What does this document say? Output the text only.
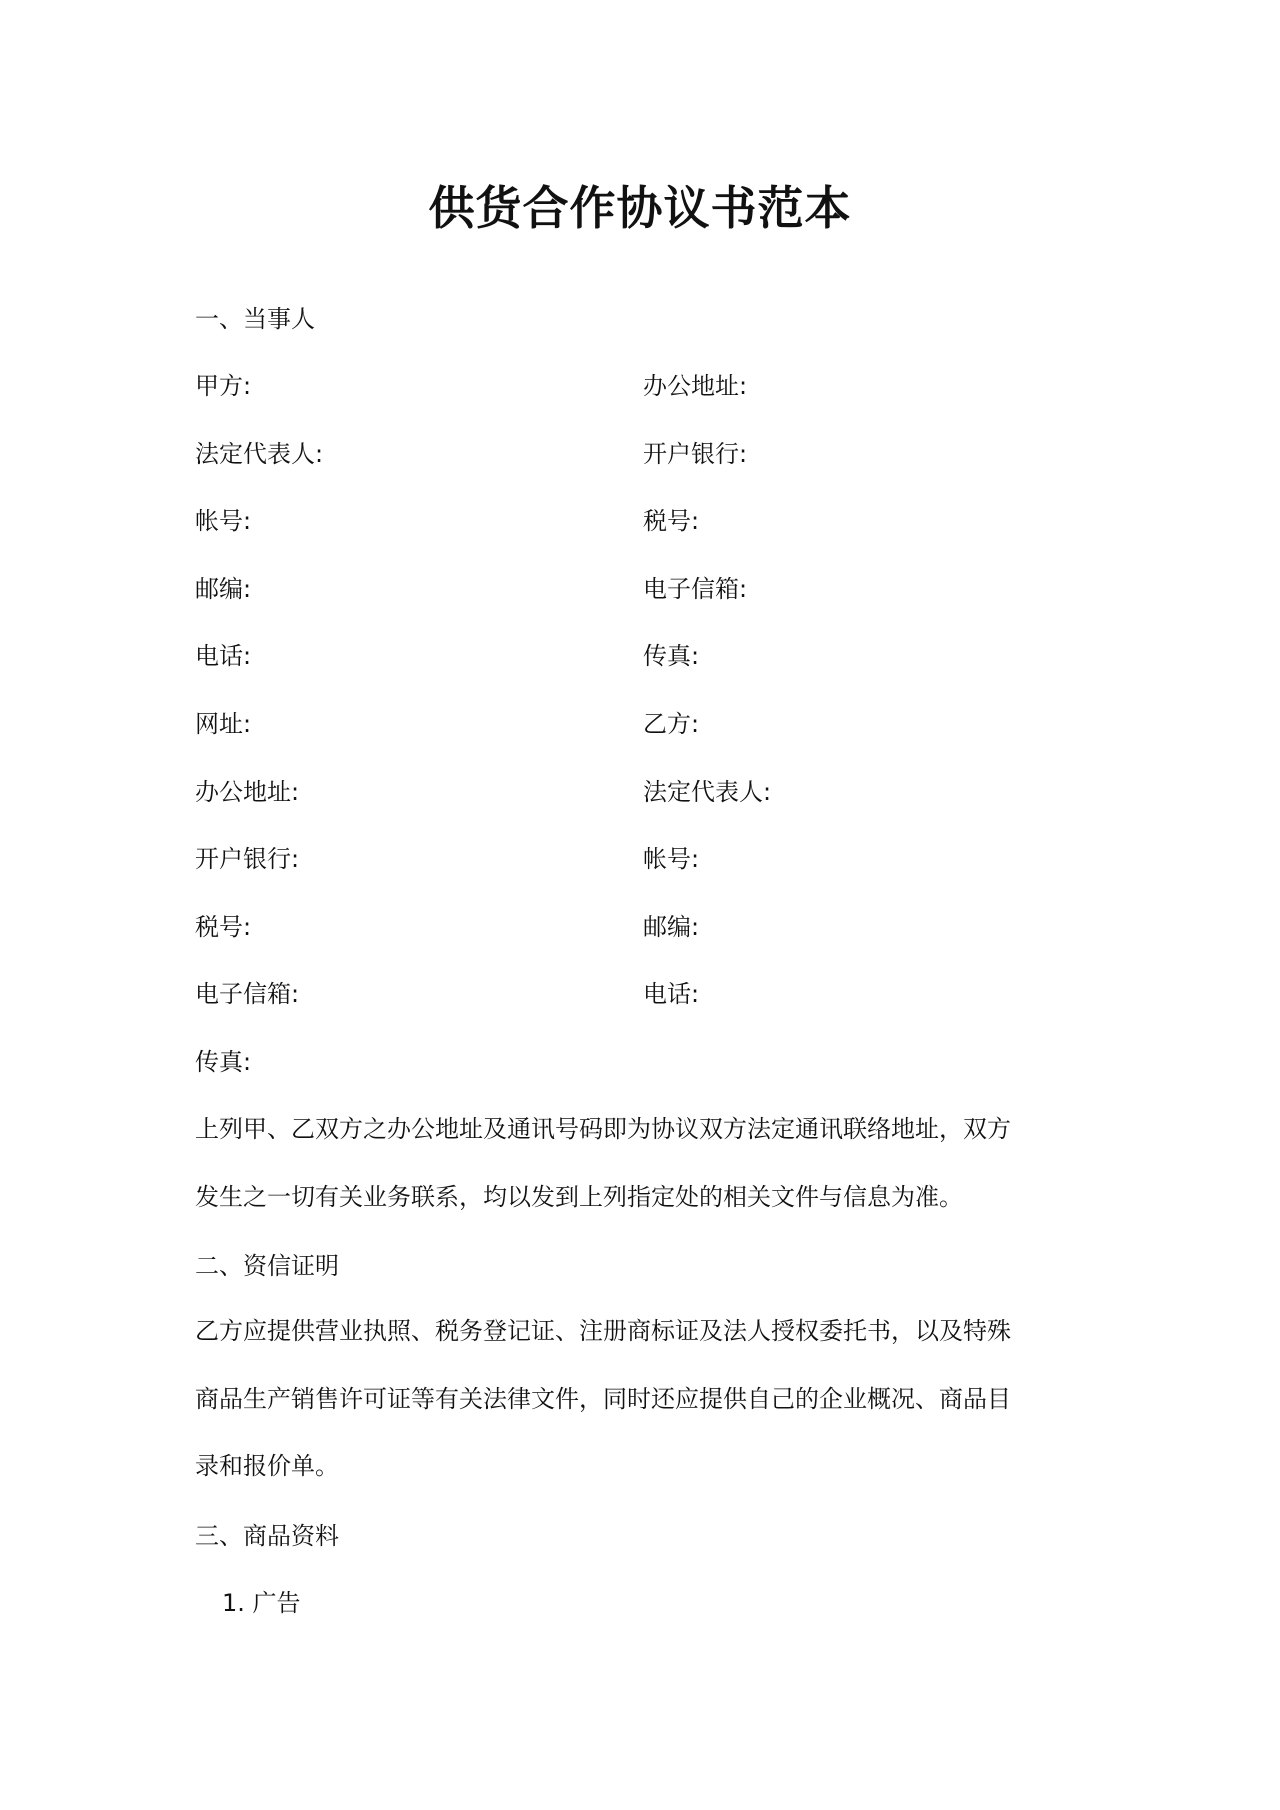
供货合作协议书范本
一、当事人
甲方:	办公地址:
法定代表人:	开户银行:
帐号:	税号:
邮编:	电子信箱:
电话:	传真:
网址:	乙方:
办公地址:	法定代表人:
开户银行:	帐号:
税号:	邮编:
电子信箱:	电话:
传真:
上列甲、乙双方之办公地址及通讯号码即为协议双方法定通讯联络地址，双方
发生之一切有关业务联系，均以发到上列指定处的相关文件与信息为准。
二、资信证明
乙方应提供营业执照、税务登记证、注册商标证及法人授权委托书，以及特殊
商品生产销售许可证等有关法律文件，同时还应提供自己的企业概况、商品目
录和报价单。
三、商品资料
1. 广告
